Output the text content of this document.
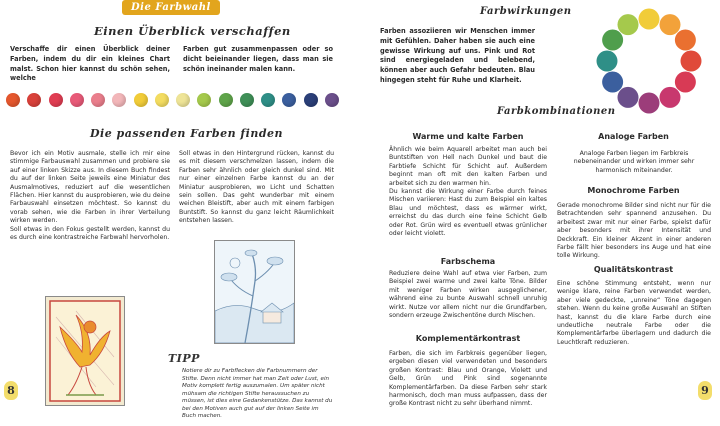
Die Farbwahl
Einen Überblick verschaffen
Verschaffe dir einen Überblick deiner Farben, indem du dir ein kleines Chart malst. Schon hier kannst du schön sehen, welche
Farben gut zusammenpassen oder so dicht beieinander liegen, dass man sie schön ineinander malen kann.
Die passenden Farben finden
Bevor ich ein Motiv ausmale, stelle ich mir eine stimmige Farbauswahl zusammen und probiere sie auf einer linken Skizze aus. In diesem Buch findest du auf der linken Seite jeweils eine Miniatur des Ausmalmotives, reduziert auf die wesentlichen Flächen. Hier kannst du ausprobieren, wie du deine Farbauswahl einsetzen möchtest. So kannst du vorab sehen, wie die Farben in ihrer Verteilung wirken werden.
Soll etwas in den Fokus gestellt werden, kannst du es durch eine kontrastreiche Farbwahl hervorholen.
Soll etwas in den Hintergrund rücken, kannst du es mit diesem verschmelzen lassen, indem die Farben sehr ähnlich oder gleich dunkel sind. Mit nur einer einzelnen Farbe kannst du an der Miniatur ausprobieren, wo Licht und Schatten sein sollen. Das geht wunderbar mit einem weichen Bleistift, aber auch mit einem farbigen Buntstift. So kannst du ganz leicht Räumlichkeit entstehen lassen.
TIPP
Notiere dir zu Farbflecken die Farbnummern der Stifte. Denn nicht immer hat man Zeit oder Lust, ein Motiv komplett fertig auszumalen. Um später nicht mühsam die richtigen Stifte heraussuchen zu müssen, ist dies eine Gedankenstütze. Das kannst du bei den Motiven auch gut auf der linken Seite im Buch machen.
8
Farbwirkungen
Farben assoziieren wir Menschen immer mit Gefühlen. Daher haben sie auch eine gewisse Wirkung auf uns. Pink und Rot sind energiegeladen und belebend, können aber auch Gefahr bedeuten. Blau hingegen steht für Ruhe und Klarheit.
Farbkombinationen
Warme und kalte Farben
Ähnlich wie beim Aquarell arbeitet man auch bei Buntstiften von Hell nach Dunkel und baut die Farbtiefe Schicht für Schicht auf. Außerdem beginnt man oft mit den kalten Farben und arbeitet sich zu den warmen hin.
Du kannst die Wirkung einer Farbe durch feines Mischen variieren: Hast du zum Beispiel ein kaltes Blau und möchtest, dass es wärmer wirkt, erreichst du das durch eine feine Schicht Gelb oder Rot. Grün wird es eventuell etwas grünlicher oder leicht violett.
Farbschema
Reduziere deine Wahl auf etwa vier Farben, zum Beispiel zwei warme und zwei kalte Töne. Bilder mit weniger Farben wirken ausgeglichener, während eine zu bunte Auswahl schnell unruhig wirkt. Nutze vor allem nicht nur die Grundfarben, sondern erzeuge Zwischentöne durch Mischen.
Komplementärkontrast
Farben, die sich im Farbkreis gegenüber liegen, ergeben diesen viel verwendeten und besonders großen Kontrast: Blau und Orange, Violett und Gelb, Grün und Pink sind sogenannte Komplementärfarben. Da diese Farben sehr stark harmonisch, doch man muss aufpassen, dass der große Kontrast nicht zu sehr überhand nimmt.
Analoge Farben
Analoge Farben liegen im Farbkreis nebeneinander und wirken immer sehr harmonisch miteinander.
Monochrome Farben
Gerade monochrome Bilder sind nicht nur für die Betrachtenden sehr spannend anzusehen. Du arbeitest zwar mit nur einer Farbe, spielst dafür aber besonders mit ihrer Intensität und Deckkraft. Ein kleiner Akzent in einer anderen Farbe fällt hier besonders ins Auge und hat eine tolle Wirkung.
Qualitätskontrast
Eine schöne Stimmung entsteht, wenn nur wenige klare, reine Farben verwendet werden, aber viele gedeckte, „unreine“ Töne dagegen stehen. Wenn du keine große Auswahl an Stiften hast, kannst du die klare Farbe durch eine undeutliche neutrale Farbe oder die Komplementärfarbe überlagern und dadurch die Leuchtkraft reduzieren.
9
